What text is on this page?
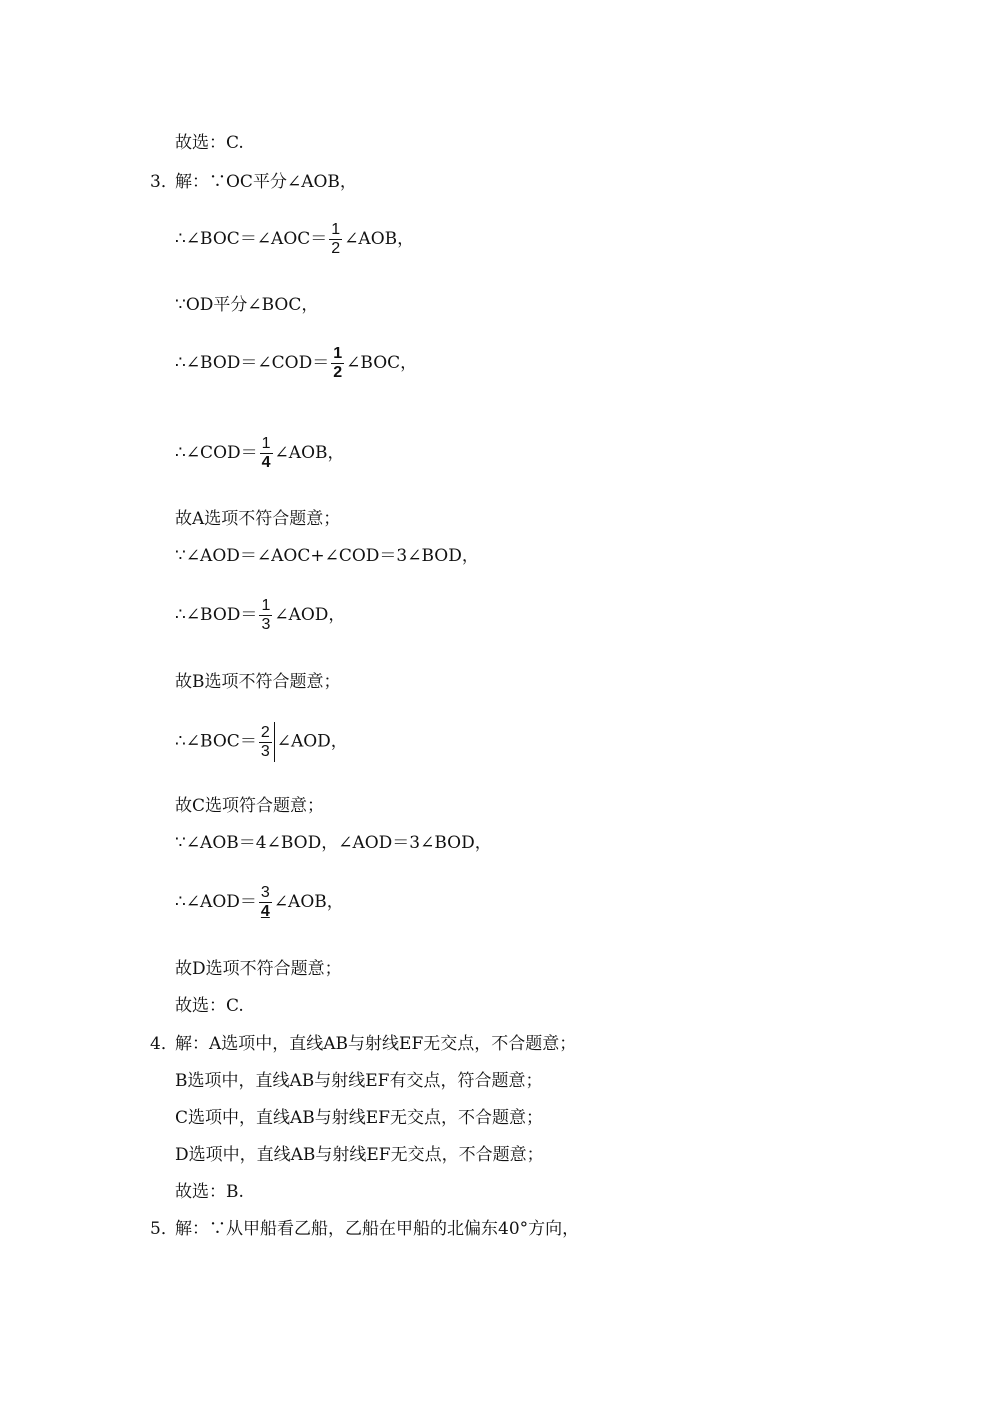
故选：C.
3．
解：∵OC平分∠AOB，
∴∠BOC＝∠AOC＝ $\frac{1}{2}$ ∠AOB，
∵OD平分∠BOC，
∴∠BOD＝∠COD＝ $\frac{1}{2}$ ∠BOC，
∴∠COD＝ $\frac{1}{4}$ ∠AOB，
故A选项不符合题意；
∵∠AOD＝∠AOC+∠COD＝3∠BOD，
∴∠BOD＝ $\frac{1}{3}$ ∠AOD，
故B选项不符合题意；
∴∠BOC＝ $\frac{2}{3}$ ∠AOD，
故C选项符合题意；
∵∠AOB＝4∠BOD，∠AOD＝3∠BOD，
∴∠AOD＝ $\frac{3}{4}$ ∠AOB，
故D选项不符合题意；
故选：C.
4．
解：A选项中，直线AB与射线EF无交点，不合题意；
B选项中，直线AB与射线EF有交点，符合题意；
C选项中，直线AB与射线EF无交点，不合题意；
D选项中，直线AB与射线EF无交点，不合题意；
故选：B.
5．
解：∵从甲船看乙船，乙船在甲船的北偏东40°方向，
